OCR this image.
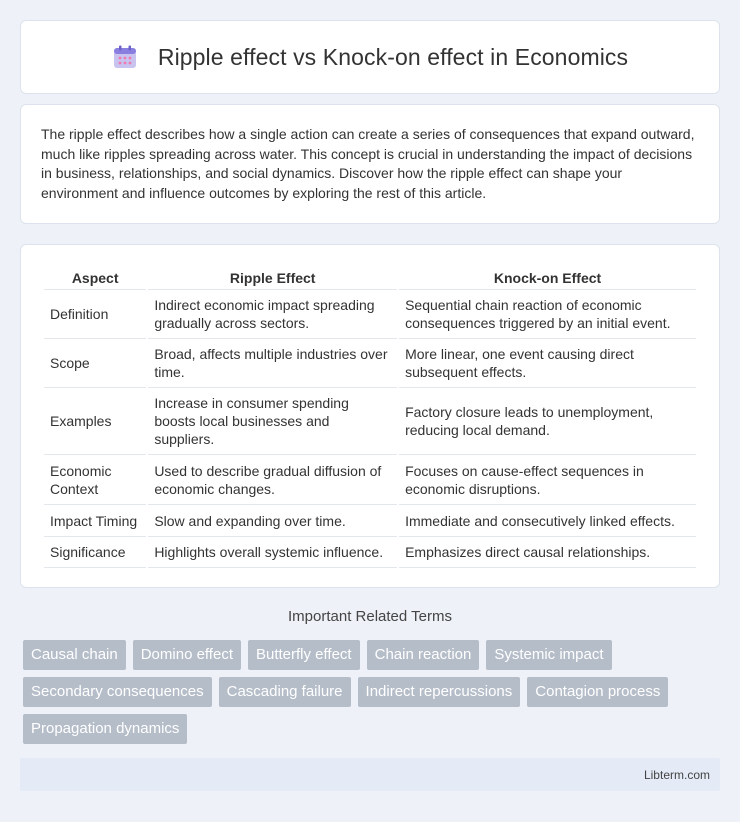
Ripple effect vs Knock-on effect in Economics

The ripple effect describes how a single action can create a series of consequences that expand outward, much like ripples spreading across water. This concept is crucial in understanding the impact of decisions in business, relationships, and social dynamics. Discover how the ripple effect can shape your environment and influence outcomes by exploring the rest of this article.

Aspect	Ripple Effect	Knock-on Effect
Definition	Indirect economic impact spreading gradually across sectors.	Sequential chain reaction of economic consequences triggered by an initial event.
Scope	Broad, affects multiple industries over time.	More linear, one event causing direct subsequent effects.
Examples	Increase in consumer spending boosts local businesses and suppliers.	Factory closure leads to unemployment, reducing local demand.
Economic Context	Used to describe gradual diffusion of economic changes.	Focuses on cause-effect sequences in economic disruptions.
Impact Timing	Slow and expanding over time.	Immediate and consecutively linked effects.
Significance	Highlights overall systemic influence.	Emphasizes direct causal relationships.
Important Related Terms
Causal chain	Domino effect	Butterfly effect	Chain reaction	Systemic impact
Secondary consequences	Cascading failure	Indirect repercussions	Contagion process
Propagation dynamics
Libterm.com
